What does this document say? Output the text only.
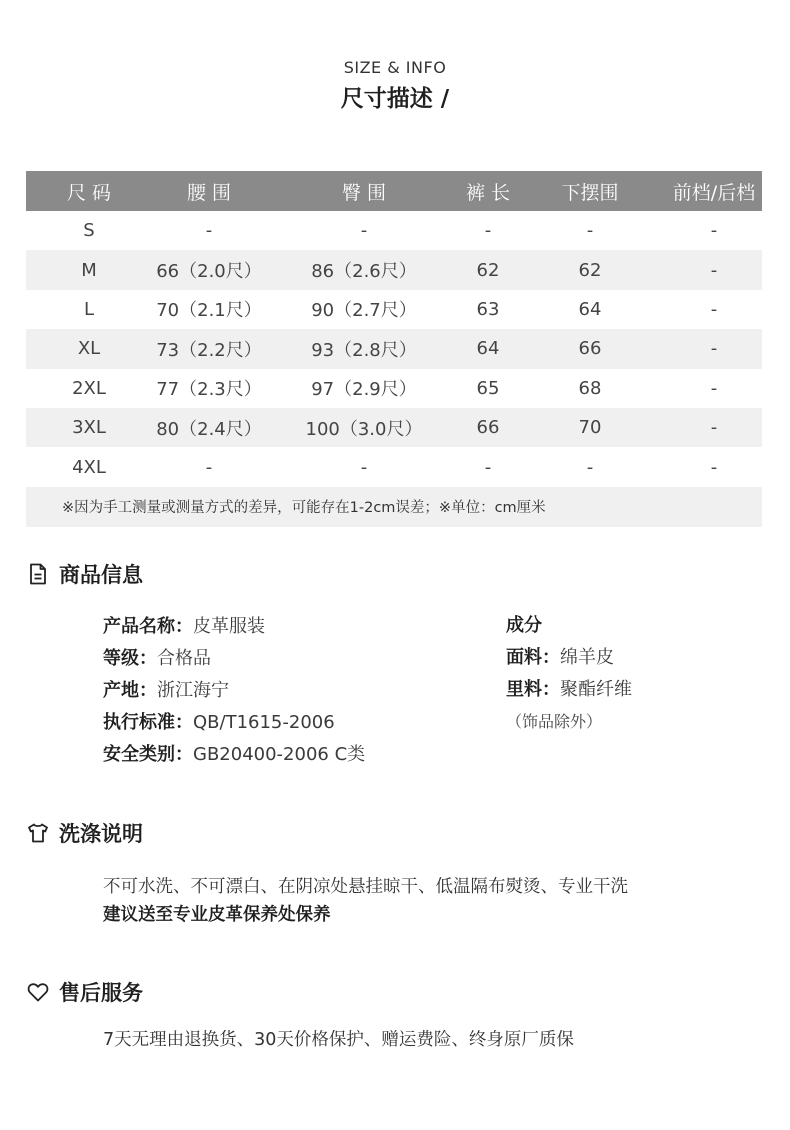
SIZE & INFO
尺寸描述 /
尺 码	腰 围	臀 围	裤 长	下摆围	前档/后档
S	-	-	-	-	-
M	66（2.0尺）	86（2.6尺）	62	62	-
L	70（2.1尺）	90（2.7尺）	63	64	-
XL	73（2.2尺）	93（2.8尺）	64	66	-
2XL	77（2.3尺）	97（2.9尺）	65	68	-
3XL	80（2.4尺）	100（3.0尺）	66	70	-
4XL	-	-	-	-	-
※因为手工测量或测量方式的差异，可能存在1-2cm误差；※单位：cm厘米
商品信息
产品名称：皮革服装
等级：合格品
产地：浙江海宁
执行标准：QB/T1615-2006
安全类别：GB20400-2006 C类
成分
面料：绵羊皮
里料：聚酯纤维
（饰品除外）
洗涤说明
不可水洗、不可漂白、在阴凉处悬挂晾干、低温隔布熨烫、专业干洗
建议送至专业皮革保养处保养
售后服务
7天无理由退换货、30天价格保护、赠运费险、终身原厂质保
